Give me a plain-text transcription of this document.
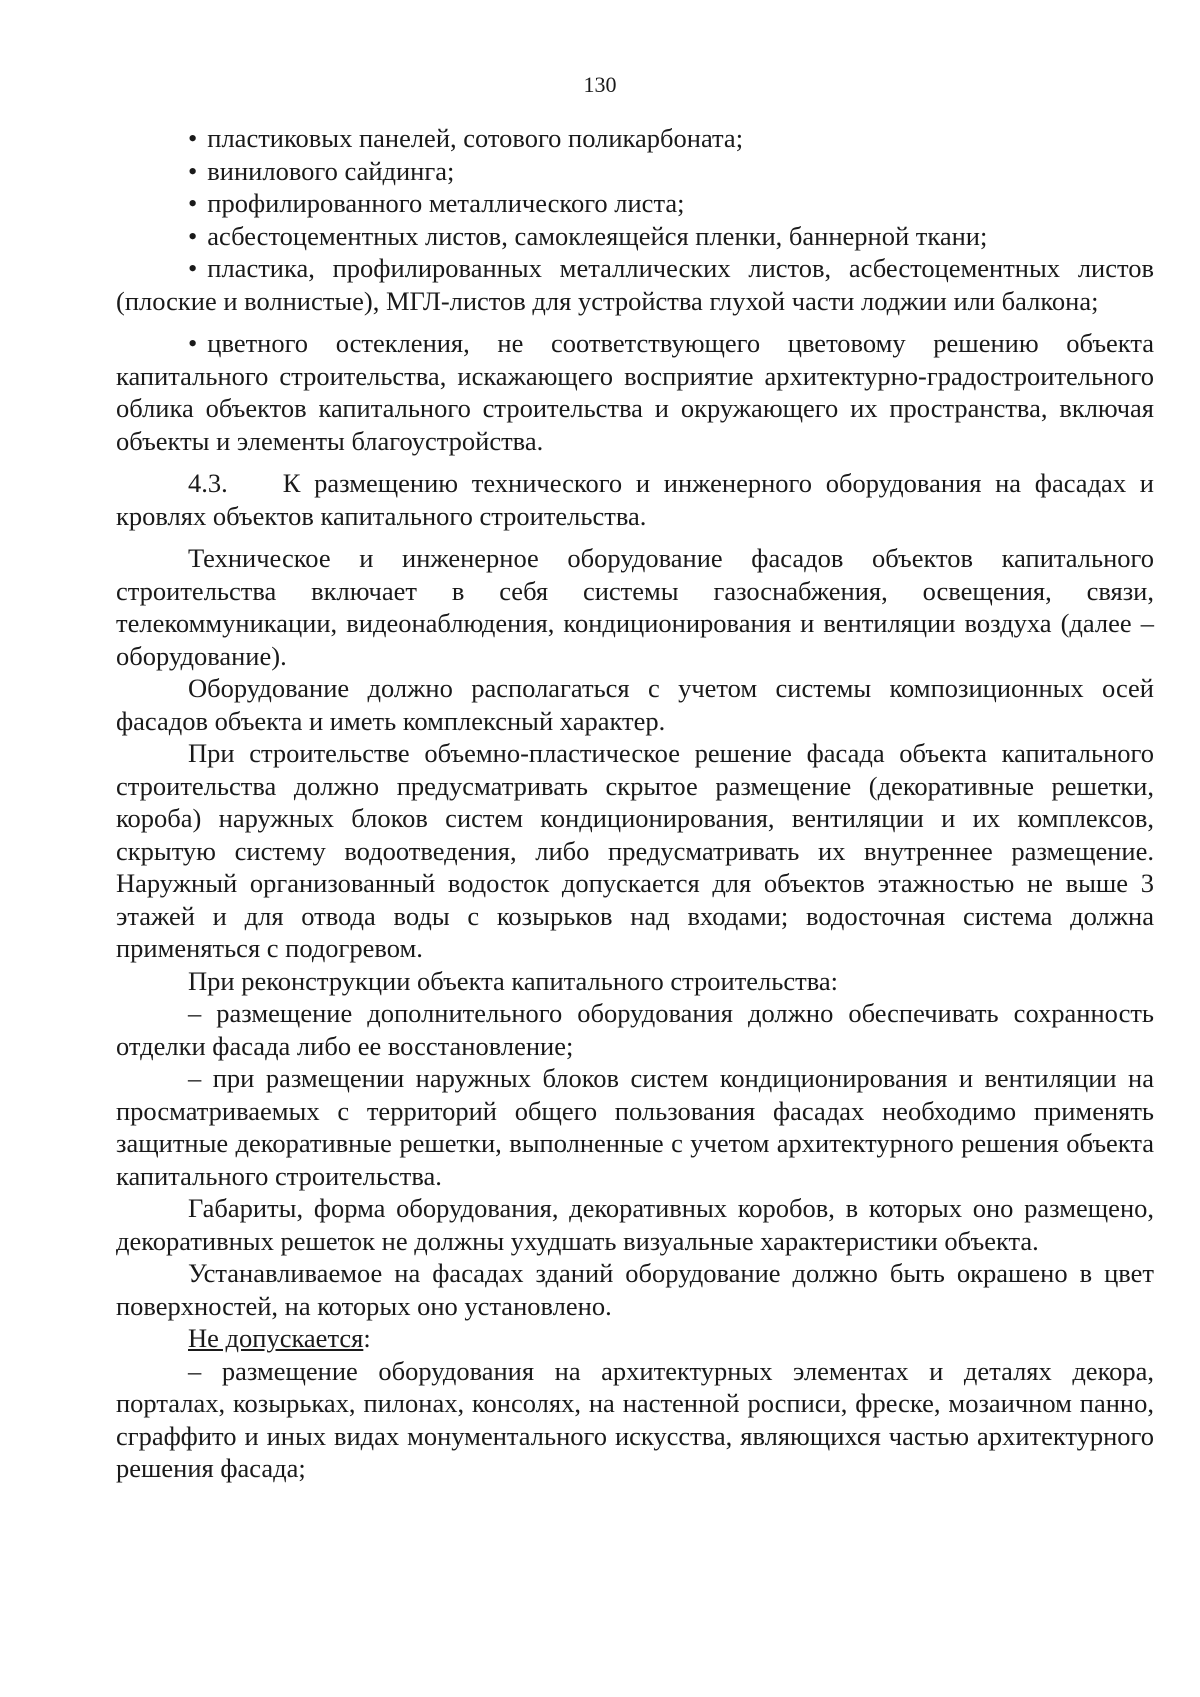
130
• пластиковых панелей, сотового поликарбоната;
• винилового сайдинга;
• профилированного металлического листа;
• асбестоцементных листов, самоклеящейся пленки, баннерной ткани;

• пластика, профилированных металлических листов, асбестоцементных листов (плоские и волнистые), МГЛ-листов для устройства глухой части лоджии или балкона;

• цветного остекления, не соответствующего цветовому решению объекта капитального строительства, искажающего восприятие архитектурно-градостроительного облика объектов капитального строительства и окружающего их пространства, включая объекты и элементы благоустройства.

4.3. К размещению технического и инженерного оборудования на фасадах и кровлях объектов капитального строительства.

Техническое и инженерное оборудование фасадов объектов капитального строительства включает в себя системы газоснабжения, освещения, связи, телекоммуникации, видеонаблюдения, кондиционирования и вентиляции воздуха (далее – оборудование).

Оборудование должно располагаться с учетом системы композиционных осей фасадов объекта и иметь комплексный характер.

При строительстве объемно-пластическое решение фасада объекта капитального строительства должно предусматривать скрытое размещение (декоративные решетки, короба) наружных блоков систем кондиционирования, вентиляции и их комплексов, скрытую систему водоотведения, либо предусматривать их внутреннее размещение. Наружный организованный водосток допускается для объектов этажностью не выше 3 этажей и для отвода воды с козырьков над входами; водосточная система должна применяться с подогревом.

При реконструкции объекта капитального строительства:

– размещение дополнительного оборудования должно обеспечивать сохранность отделки фасада либо ее восстановление;

– при размещении наружных блоков систем кондиционирования и вентиляции на просматриваемых с территорий общего пользования фасадах необходимо применять защитные декоративные решетки, выполненные с учетом архитектурного решения объекта капитального строительства.

Габариты, форма оборудования, декоративных коробов, в которых оно размещено, декоративных решеток не должны ухудшать визуальные характеристики объекта.

Устанавливаемое на фасадах зданий оборудование должно быть окрашено в цвет поверхностей, на которых оно установлено.

Не допускается:

– размещение оборудования на архитектурных элементах и деталях декора, порталах, козырьках, пилонах, консолях, на настенной росписи, фреске, мозаичном панно, сграффито и иных видах монументального искусства, являющихся частью архитектурного решения фасада;
